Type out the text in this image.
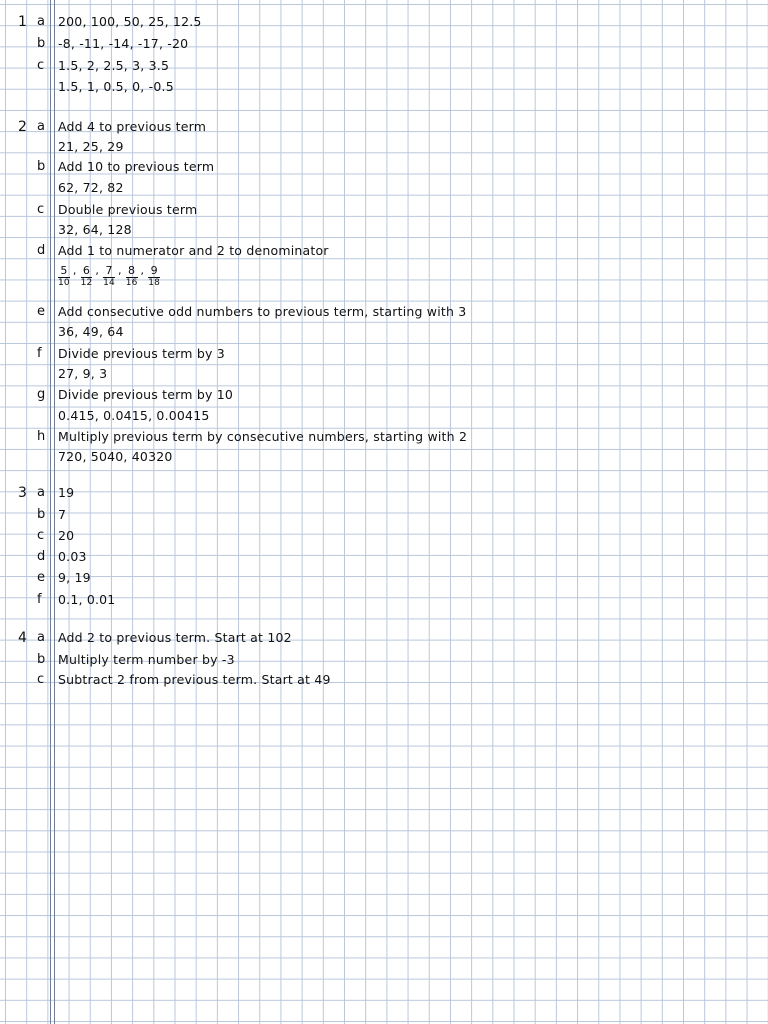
1 a 200, 100, 50, 25, 12.5
b -8, -11, -14, -17, -20
c 1.5, 2, 2.5, 3, 3.5
1.5, 1, 0.5, 0, -0.5
2 a Add 4 to previous term
21, 25, 29
b Add 10 to previous term
62, 72, 82
c Double previous term
32, 64, 128
d Add 1 to numerator and 2 to denominator
$\frac{5}{10}$ , $\frac{6}{12}$ , $\frac{7}{14}$ , $\frac{8}{16}$ , $\frac{9}{18}$
e Add consecutive odd numbers to previous term, starting with 3
36, 49, 64
f Divide previous term by 3
27, 9, 3
g Divide previous term by 10
0.415, 0.0415, 0.00415
h Multiply previous term by consecutive numbers, starting with 2
720, 5040, 40320
3 a 19
b 7
c 20
d 0.03
e 9, 19
f 0.1, 0.01
4 a Add 2 to previous term. Start at 102
b Multiply term number by -3
c Subtract 2 from previous term. Start at 49
